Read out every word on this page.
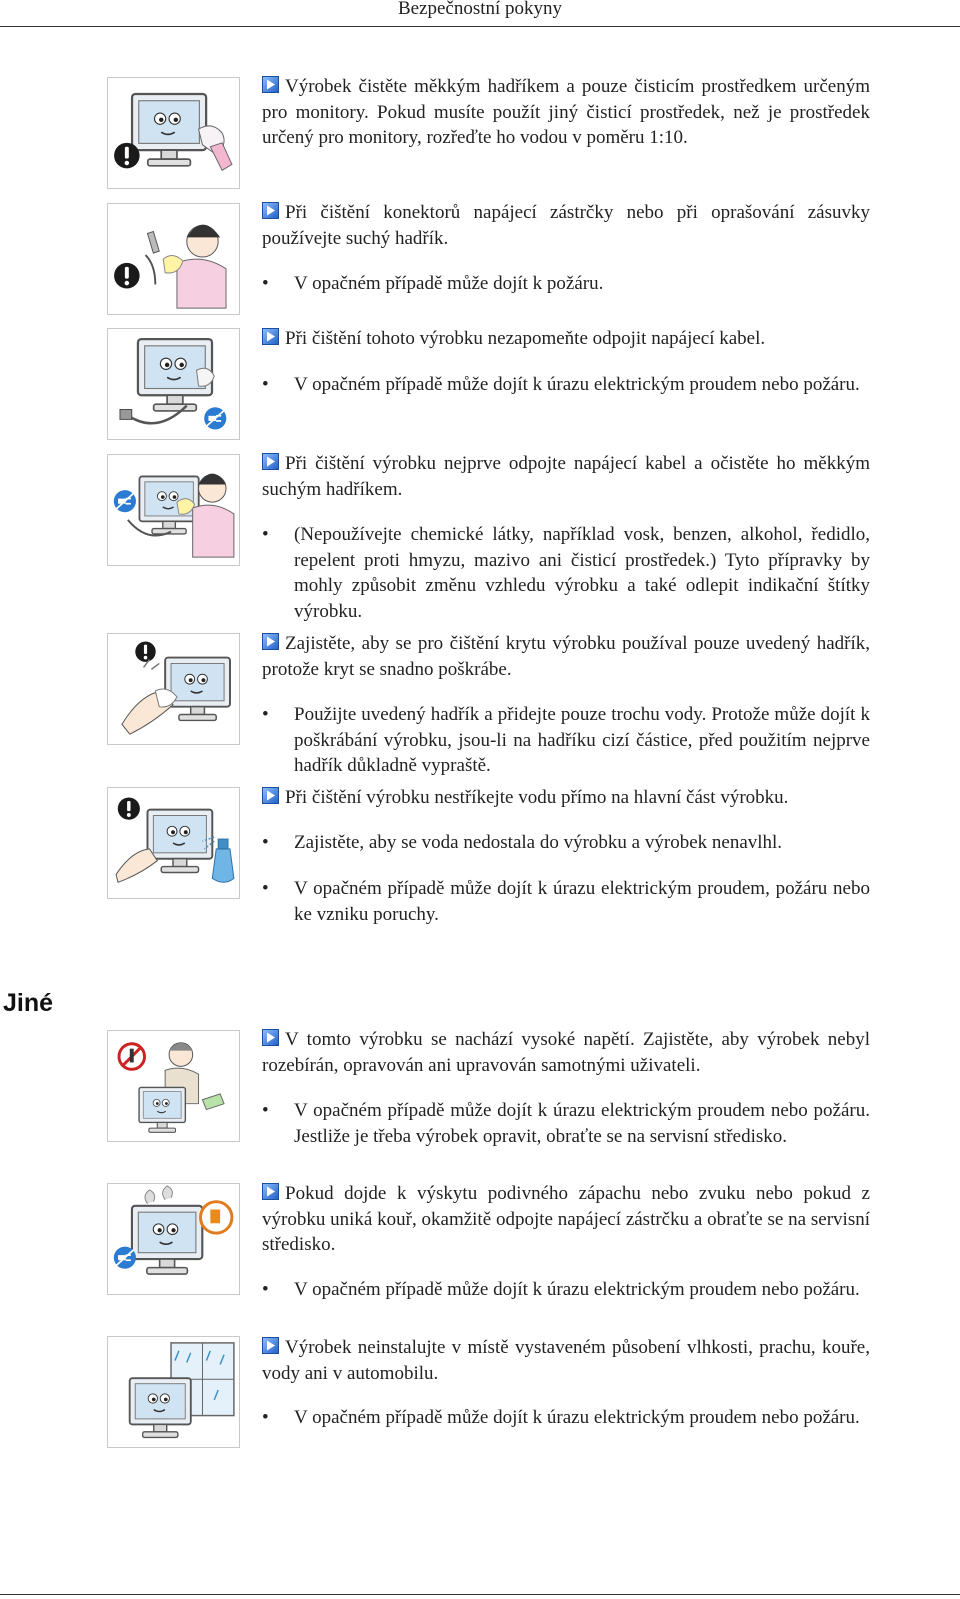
Bezpečnostní pokyny

Výrobek čistěte měkkým hadříkem a pouze čisticím prostředkem určeným pro monitory. Pokud musíte použít jiný čisticí prostředek, než je prostředek určený pro monitory, rozřeďte ho vodou v poměru 1:10.

Při čištění konektorů napájecí zástrčky nebo při oprašování zásuvky používejte suchý hadřík.

• V opačném případě může dojít k požáru.

Při čištění tohoto výrobku nezapomeňte odpojit napájecí kabel.

• V opačném případě může dojít k úrazu elektrickým proudem nebo požáru.

Při čištění výrobku nejprve odpojte napájecí kabel a očistěte ho měkkým suchým hadříkem.

• (Nepoužívejte chemické látky, například vosk, benzen, alkohol, ředidlo, repelent proti hmyzu, mazivo ani čisticí prostředek.) Tyto přípravky by mohly způsobit změnu vzhledu výrobku a také odlepit indikační štítky výrobku.

Zajistěte, aby se pro čištění krytu výrobku používal pouze uvedený hadřík, protože kryt se snadno poškrábe.

• Použijte uvedený hadřík a přidejte pouze trochu vody. Protože může dojít k poškrábání výrobku, jsou-li na hadříku cizí částice, před použitím nejprve hadřík důkladně vypraště.

Při čištění výrobku nestříkejte vodu přímo na hlavní část výrobku.

• Zajistěte, aby se voda nedostala do výrobku a výrobek nenavlhl.

• V opačném případě může dojít k úrazu elektrickým proudem, požáru nebo ke vzniku poruchy.

Jiné

V tomto výrobku se nachází vysoké napětí. Zajistěte, aby výrobek nebyl rozebírán, opravován ani upravován samotnými uživateli.

• V opačném případě může dojít k úrazu elektrickým proudem nebo požáru. Jestliže je třeba výrobek opravit, obraťte se na servisní středisko.

Pokud dojde k výskytu podivného zápachu nebo zvuku nebo pokud z výrobku uniká kouř, okamžitě odpojte napájecí zástrčku a obraťte se na servisní středisko.

• V opačném případě může dojít k úrazu elektrickým proudem nebo požáru.

Výrobek neinstalujte v místě vystaveném působení vlhkosti, prachu, kouře, vody ani v automobilu.

• V opačném případě může dojít k úrazu elektrickým proudem nebo požáru.
